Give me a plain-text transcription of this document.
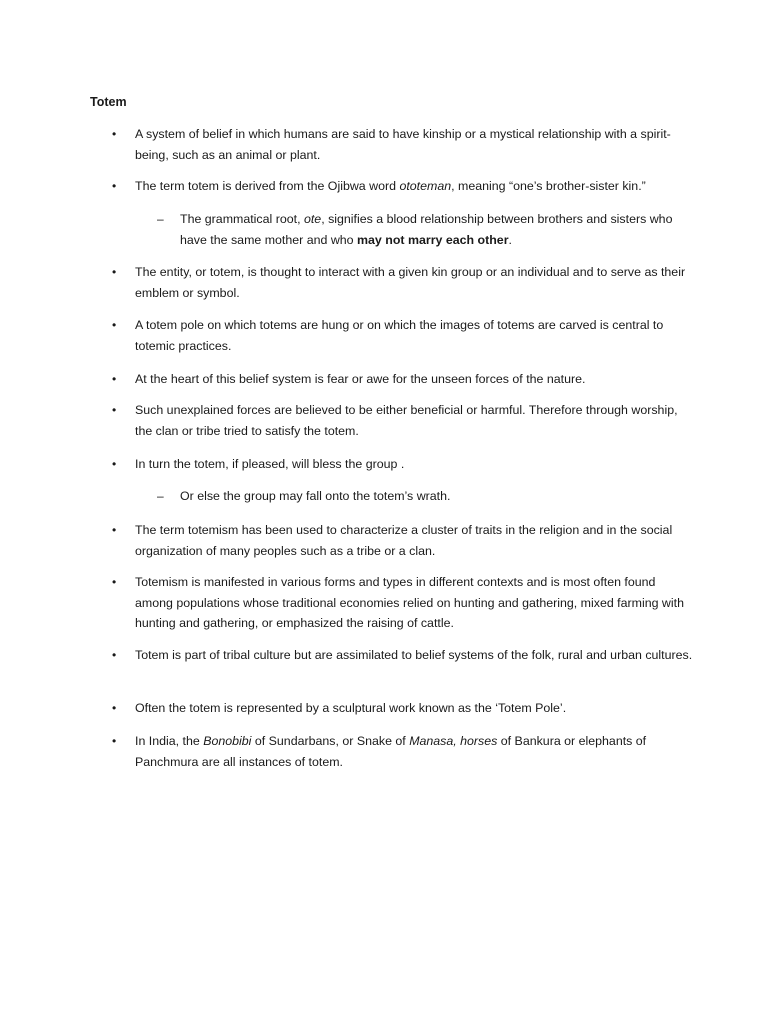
Totem
•	A system of belief in which humans are said to have kinship or a mystical relationship with a spirit-being, such as an animal or plant.
•	The term totem is derived from the Ojibwa word ototeman, meaning “one’s brother-sister kin.”
–	The grammatical root, ote, signifies a blood relationship between brothers and sisters who have the same mother and who may not marry each other.
•	The entity, or totem, is thought to interact with a given kin group or an individual and to serve as their emblem or symbol.
•	A totem pole on which totems are hung or on which the images of totems are carved is central to totemic practices.
•	At the heart of this belief system is fear or awe for the unseen forces of the nature.
•	Such unexplained forces are believed to be either beneficial or harmful. Therefore through worship, the clan or tribe tried to satisfy the totem.
•	In turn the totem, if pleased, will bless the group .
–	Or else the group may fall onto the totem’s wrath.
•	The term totemism has been used to characterize a cluster of traits in the religion and in the social organization of many peoples such as a tribe or a clan.
•	Totemism is manifested in various forms and types in different contexts and is most often found among populations whose traditional economies relied on hunting and gathering, mixed farming with hunting and gathering, or emphasized the raising of cattle.
•	Totem is part of tribal culture but are assimilated to belief systems of the folk, rural and urban cultures.
•	Often the totem is represented by a sculptural work known as the ‘Totem Pole’.
•	In India, the Bonobibi of Sundarbans, or Snake of Manasa, horses of Bankura or elephants of Panchmura are all instances of totem.
